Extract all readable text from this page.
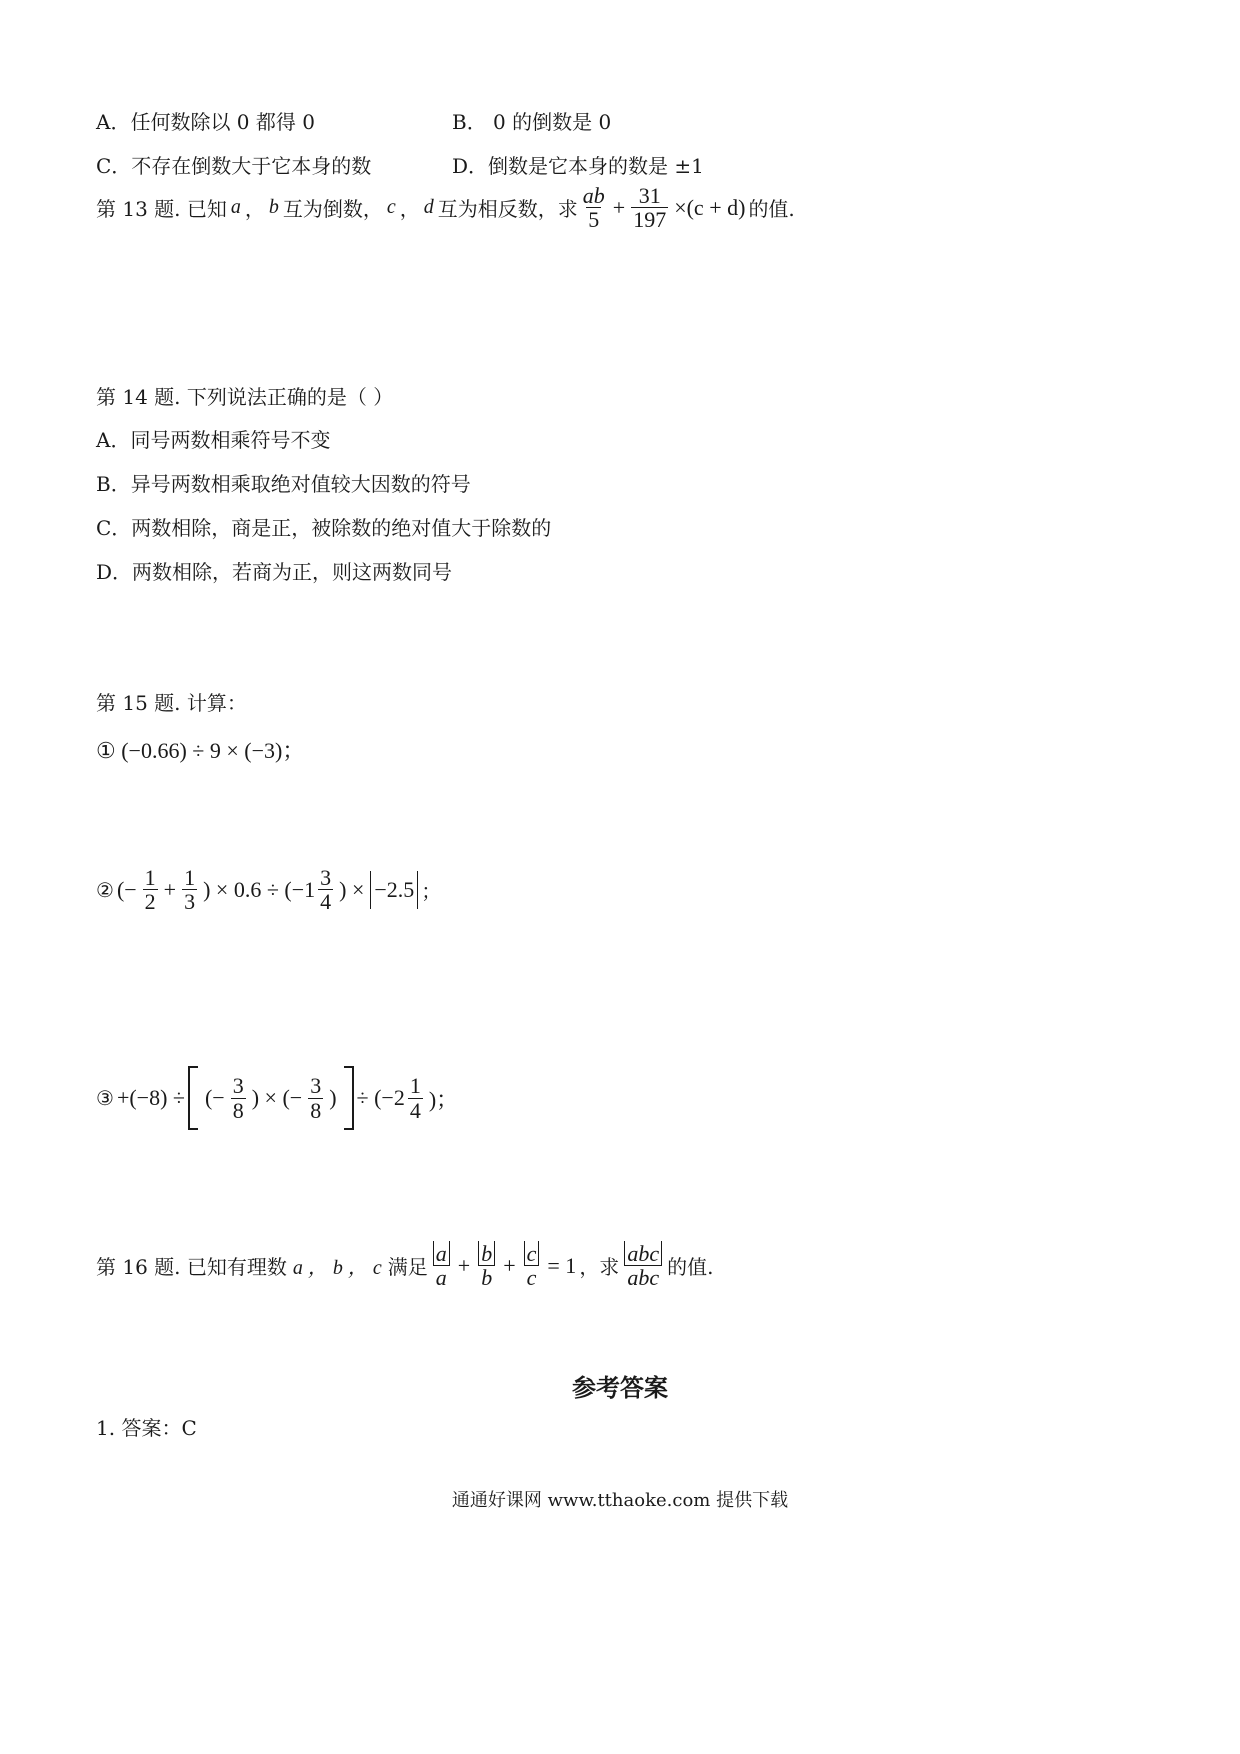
A．任何数除以 0 都得 0	B． 0 的倒数是 0
C．不存在倒数大于它本身的数	D．倒数是它本身的数是 ±1
第 13 题. 已知 a ， b 互为倒数， c ， d 互为相反数，求 $\frac{ab}{5} + \frac{31}{197} \times(c + d)$ 的值.
第 14 题. 下列说法正确的是（ ）
A．同号两数相乘符号不变
B．异号两数相乘取绝对值较大因数的符号
C．两数相除，商是正，被除数的绝对值大于除数的
D．两数相除，若商为正，则这两数同号
第 15 题. 计算：
① (−0.66) ÷ 9 × (−3)；
② (− $\frac{1}{2} + \frac{1}{3}$ ) × $0.6 \div (-1 \frac{3}{4}$ ) × −2.5 ；
③ +(−8) ÷ (− $\frac{3}{8}$ ) × (− $\frac{3}{8}$ ) ÷ ($-2 \frac{1}{4}$ )；
第 16 题. 已知有理数 a ， b ， c 满足 $\frac{a}{a} + \frac{b}{b} + \frac{c}{c} = 1$ ，求 $\frac{\text{abc}}{\text{abc}}$ 的值.
参考答案
1. 答案：C
通通好课网 www.tthaoke.com 提供下载
